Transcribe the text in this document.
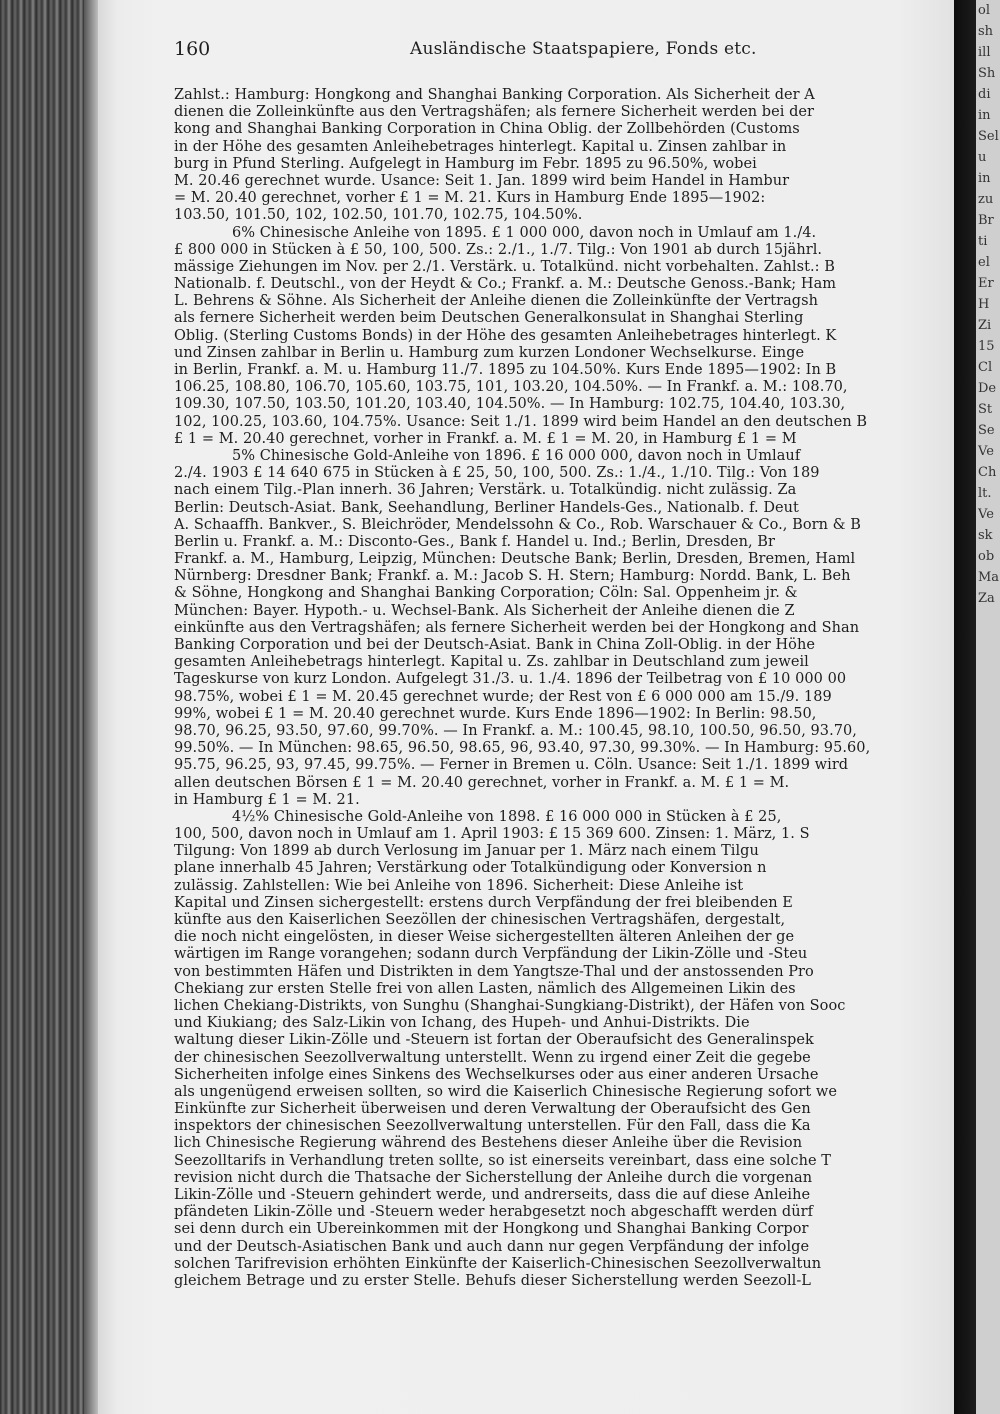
ol
sh
ill
Sh
di
in
Sel
u
in
zu
Br
ti
el
Er
H
Zi
15
Cl
De
St
Se
Ve
Ch
lt.
Ve
sk
ob
Ma
Za
160	Ausländische Staatspapiere, Fonds etc.
Zahlst.: Hamburg: Hongkong and Shanghai Banking Corporation. Als Sicherheit der A
dienen die Zolleinkünfte aus den Vertragshäfen; als fernere Sicherheit werden bei der
kong and Shanghai Banking Corporation in China Oblig. der Zollbehörden (Customs
in der Höhe des gesamten Anleihebetrages hinterlegt. Kapital u. Zinsen zahlbar in
burg in Pfund Sterling. Aufgelegt in Hamburg im Febr. 1895 zu 96.50%, wobei
M. 20.46 gerechnet wurde. Usance: Seit 1. Jan. 1899 wird beim Handel in Hambur
= M. 20.40 gerechnet, vorher £ 1 = M. 21. Kurs in Hamburg Ende 1895—1902:
103.50, 101.50, 102, 102.50, 101.70, 102.75, 104.50%.
6% Chinesische Anleihe von 1895. £ 1 000 000, davon noch in Umlauf am 1./4.
£ 800 000 in Stücken à £ 50, 100, 500. Zs.: 2./1., 1./7. Tilg.: Von 1901 ab durch 15jährl.
mässige Ziehungen im Nov. per 2./1. Verstärk. u. Totalkünd. nicht vorbehalten. Zahlst.: B
Nationalb. f. Deutschl., von der Heydt & Co.; Frankf. a. M.: Deutsche Genoss.-Bank; Ham
L. Behrens & Söhne. Als Sicherheit der Anleihe dienen die Zolleinkünfte der Vertragsh
als fernere Sicherheit werden beim Deutschen Generalkonsulat in Shanghai Sterling
Oblig. (Sterling Customs Bonds) in der Höhe des gesamten Anleihebetrages hinterlegt. K
und Zinsen zahlbar in Berlin u. Hamburg zum kurzen Londoner Wechselkurse. Einge
in Berlin, Frankf. a. M. u. Hamburg 11./7. 1895 zu 104.50%. Kurs Ende 1895—1902: In B
106.25, 108.80, 106.70, 105.60, 103.75, 101, 103.20, 104.50%. — In Frankf. a. M.: 108.70,
109.30, 107.50, 103.50, 101.20, 103.40, 104.50%. — In Hamburg: 102.75, 104.40, 103.30,
102, 100.25, 103.60, 104.75%. Usance: Seit 1./1. 1899 wird beim Handel an den deutschen B
£ 1 = M. 20.40 gerechnet, vorher in Frankf. a. M. £ 1 = M. 20, in Hamburg £ 1 = M
5% Chinesische Gold-Anleihe von 1896. £ 16 000 000, davon noch in Umlauf
2./4. 1903 £ 14 640 675 in Stücken à £ 25, 50, 100, 500. Zs.: 1./4., 1./10. Tilg.: Von 189
nach einem Tilg.-Plan innerh. 36 Jahren; Verstärk. u. Totalkündig. nicht zulässig. Za
Berlin: Deutsch-Asiat. Bank, Seehandlung, Berliner Handels-Ges., Nationalb. f. Deut
A. Schaaffh. Bankver., S. Bleichröder, Mendelssohn & Co., Rob. Warschauer & Co., Born & B
Berlin u. Frankf. a. M.: Disconto-Ges., Bank f. Handel u. Ind.; Berlin, Dresden, Br
Frankf. a. M., Hamburg, Leipzig, München: Deutsche Bank; Berlin, Dresden, Bremen, Haml
Nürnberg: Dresdner Bank; Frankf. a. M.: Jacob S. H. Stern; Hamburg: Nordd. Bank, L. Beh
& Söhne, Hongkong and Shanghai Banking Corporation; Cöln: Sal. Oppenheim jr. &
München: Bayer. Hypoth.- u. Wechsel-Bank. Als Sicherheit der Anleihe dienen die Z
einkünfte aus den Vertragshäfen; als fernere Sicherheit werden bei der Hongkong and Shan
Banking Corporation und bei der Deutsch-Asiat. Bank in China Zoll-Oblig. in der Höhe
gesamten Anleihebetrags hinterlegt. Kapital u. Zs. zahlbar in Deutschland zum jeweil
Tageskurse von kurz London. Aufgelegt 31./3. u. 1./4. 1896 der Teilbetrag von £ 10 000 00
98.75%, wobei £ 1 = M. 20.45 gerechnet wurde; der Rest von £ 6 000 000 am 15./9. 189
99%, wobei £ 1 = M. 20.40 gerechnet wurde. Kurs Ende 1896—1902: In Berlin: 98.50,
98.70, 96.25, 93.50, 97.60, 99.70%. — In Frankf. a. M.: 100.45, 98.10, 100.50, 96.50, 93.70,
99.50%. — In München: 98.65, 96.50, 98.65, 96, 93.40, 97.30, 99.30%. — In Hamburg: 95.60,
95.75, 96.25, 93, 97.45, 99.75%. — Ferner in Bremen u. Cöln. Usance: Seit 1./1. 1899 wird
allen deutschen Börsen £ 1 = M. 20.40 gerechnet, vorher in Frankf. a. M. £ 1 = M.
in Hamburg £ 1 = M. 21.
4½% Chinesische Gold-Anleihe von 1898. £ 16 000 000 in Stücken à £ 25,
100, 500, davon noch in Umlauf am 1. April 1903: £ 15 369 600. Zinsen: 1. März, 1. S
Tilgung: Von 1899 ab durch Verlosung im Januar per 1. März nach einem Tilgu
plane innerhalb 45 Jahren; Verstärkung oder Totalkündigung oder Konversion n
zulässig. Zahlstellen: Wie bei Anleihe von 1896. Sicherheit: Diese Anleihe ist
Kapital und Zinsen sichergestellt: erstens durch Verpfändung der frei bleibenden E
künfte aus den Kaiserlichen Seezöllen der chinesischen Vertragshäfen, dergestalt,
die noch nicht eingelösten, in dieser Weise sichergestellten älteren Anleihen der ge
wärtigen im Range vorangehen; sodann durch Verpfändung der Likin-Zölle und -Steu
von bestimmten Häfen und Distrikten in dem Yangtsze-Thal und der anstossenden Pro
Chekiang zur ersten Stelle frei von allen Lasten, nämlich des Allgemeinen Likin des
lichen Chekiang-Distrikts, von Sunghu (Shanghai-Sungkiang-Distrikt), der Häfen von Sooc
und Kiukiang; des Salz-Likin von Ichang, des Hupeh- und Anhui-Distrikts. Die
waltung dieser Likin-Zölle und -Steuern ist fortan der Oberaufsicht des Generalinspek
der chinesischen Seezollverwaltung unterstellt. Wenn zu irgend einer Zeit die gegebe
Sicherheiten infolge eines Sinkens des Wechselkurses oder aus einer anderen Ursache
als ungenügend erweisen sollten, so wird die Kaiserlich Chinesische Regierung sofort we
Einkünfte zur Sicherheit überweisen und deren Verwaltung der Oberaufsicht des Gen
inspektors der chinesischen Seezollverwaltung unterstellen. Für den Fall, dass die Ka
lich Chinesische Regierung während des Bestehens dieser Anleihe über die Revision
Seezolltarifs in Verhandlung treten sollte, so ist einerseits vereinbart, dass eine solche T
revision nicht durch die Thatsache der Sicherstellung der Anleihe durch die vorgenan
Likin-Zölle und -Steuern gehindert werde, und andrerseits, dass die auf diese Anleihe
pfändeten Likin-Zölle und -Steuern weder herabgesetzt noch abgeschafft werden dürf
sei denn durch ein Übereinkommen mit der Hongkong und Shanghai Banking Corpor
und der Deutsch-Asiatischen Bank und auch dann nur gegen Verpfändung der infolge
solchen Tarifrevision erhöhten Einkünfte der Kaiserlich-Chinesischen Seezollverwaltun
gleichem Betrage und zu erster Stelle. Behufs dieser Sicherstellung werden Seezoll-L
